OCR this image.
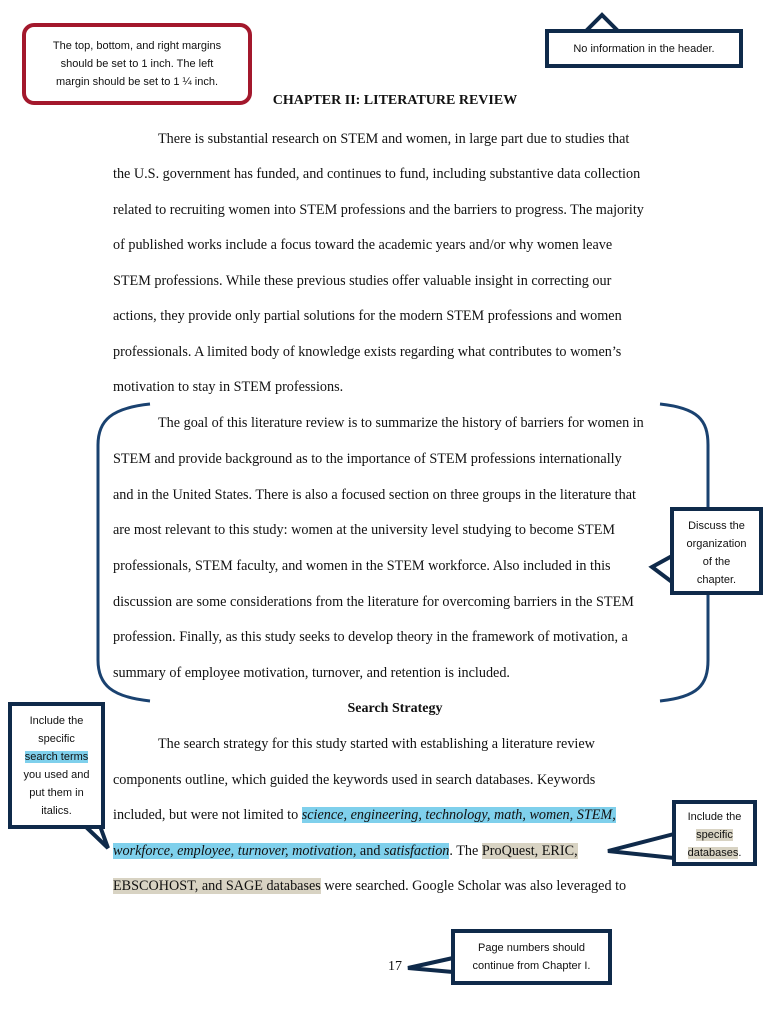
The top, bottom, and right margins
should be set to 1 inch. The left
margin should be set to 1 ¼ inch.
No information in the header.
CHAPTER II: LITERATURE REVIEW
There is substantial research on STEM and women, in large part due to studies that
the U.S. government has funded, and continues to fund, including substantive data collection
related to recruiting women into STEM professions and the barriers to progress. The majority
of published works include a focus toward the academic years and/or why women leave
STEM professions. While these previous studies offer valuable insight in correcting our
actions, they provide only partial solutions for the modern STEM professions and women
professionals. A limited body of knowledge exists regarding what contributes to women’s
motivation to stay in STEM professions.
The goal of this literature review is to summarize the history of barriers for women in
STEM and provide background as to the importance of STEM professions internationally
and in the United States. There is also a focused section on three groups in the literature that
are most relevant to this study: women at the university level studying to become STEM
professionals, STEM faculty, and women in the STEM workforce. Also included in this
discussion are some considerations from the literature for overcoming barriers in the STEM
profession. Finally, as this study seeks to develop theory in the framework of motivation, a
summary of employee motivation, turnover, and retention is included.
Discuss the
organization
of the
chapter.
Search Strategy
The search strategy for this study started with establishing a literature review
components outline, which guided the keywords used in search databases. Keywords
included, but were not limited to science, engineering, technology, math, women, STEM,
workforce, employee, turnover, motivation, and satisfaction. The ProQuest, ERIC,
EBSCOHOST, and SAGE databases were searched. Google Scholar was also leveraged to
Include the
specific
search terms
you used and
put them in
italics.	Include the
specific
databases.
17
Page numbers should
continue from Chapter I.
